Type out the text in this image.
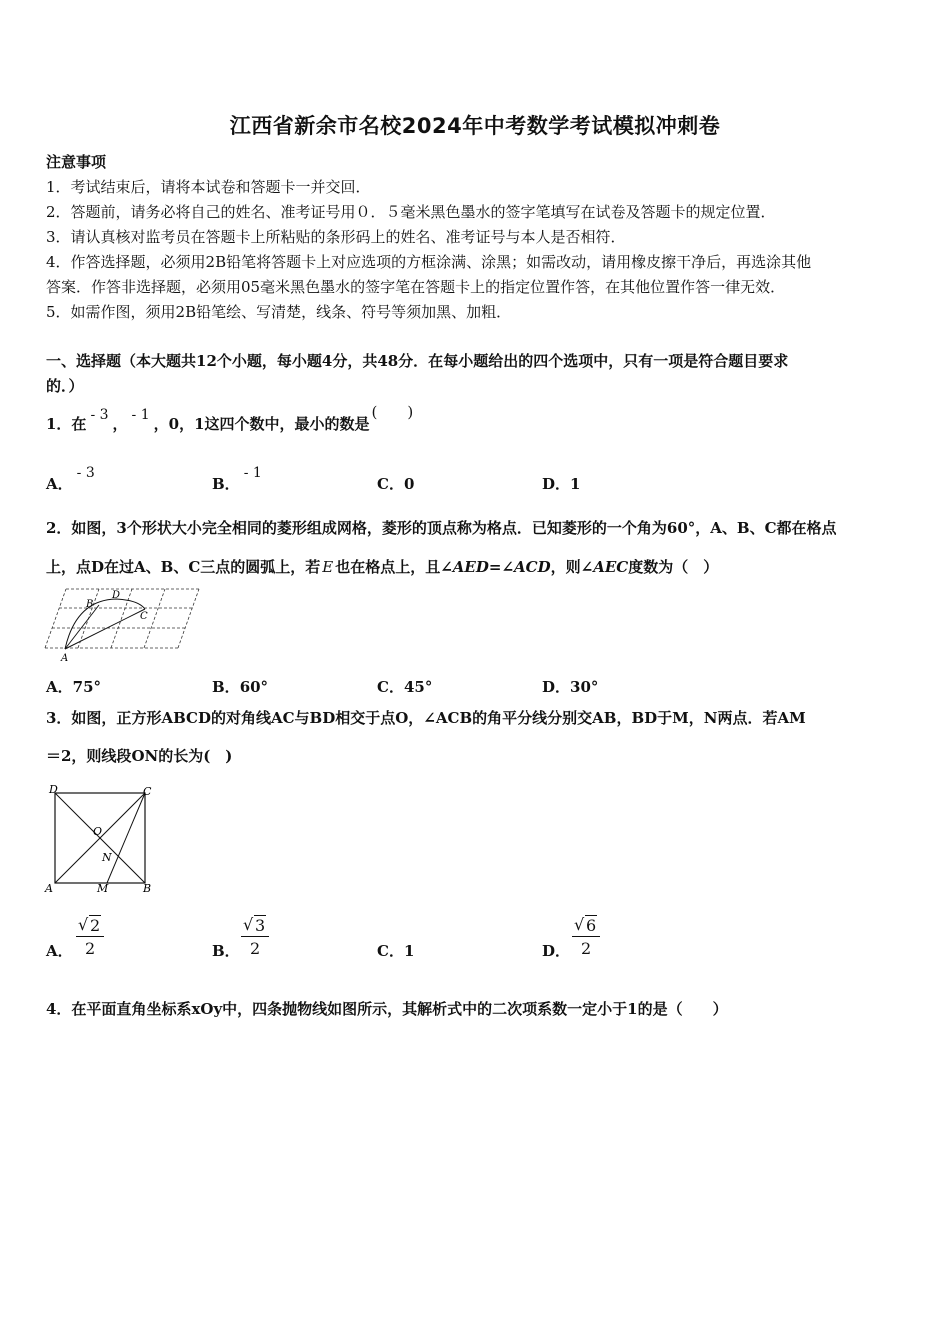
江西省新余市名校2024年中考数学考试模拟冲刺卷
注意事项
1．考试结束后，请将本试卷和答题卡一并交回．
2．答题前，请务必将自己的姓名、准考证号用０．５毫米黑色墨水的签字笔填写在试卷及答题卡的规定位置．
3．请认真核对监考员在答题卡上所粘贴的条形码上的姓名、准考证号与本人是否相符．
4．作答选择题，必须用2B铅笔将答题卡上对应选项的方框涂满、涂黑；如需改动，请用橡皮擦干净后，再选涂其他
答案．作答非选择题，必须用05毫米黑色墨水的签字笔在答题卡上的指定位置作答，在其他位置作答一律无效．
5．如需作图，须用2B铅笔绘、写清楚，线条、符号等须加黑、加粗．
一、选择题（本大题共12个小题，每小题4分，共48分．在每小题给出的四个选项中，只有一项是符合题目要求
的．）
1．在 - 3 ， - 1 ，0，1这四个数中，最小的数是(　　)
A．- 3
B．- 1
C．0	D．1
2．如图，3个形状大小完全相同的菱形组成网格，菱形的顶点称为格点．已知菱形的一个角为60°，A、B、C都在格点
上，点D在过A、B、C三点的圆弧上，若 E 也在格点上，且∠AED=∠ACD，则∠AEC度数为（　）
A
B
C
D
A．75°	B．60°	C．45°	D．30°
3．如图，正方形ABCD的对角线AC与BD相交于点O，∠ACB的角平分线分别交AB，BD于M，N两点．若AM
＝2，则线段ON的长为(　)
D	C
O
N
A	M	B
A． √ $\frac{2}{2}$	B． √ $\frac{3}{2}$	C．1	D． √ $\frac{6}{2}$
4．在平面直角坐标系xOy中，四条抛物线如图所示，其解析式中的二次项系数一定小于1的是（　　）
